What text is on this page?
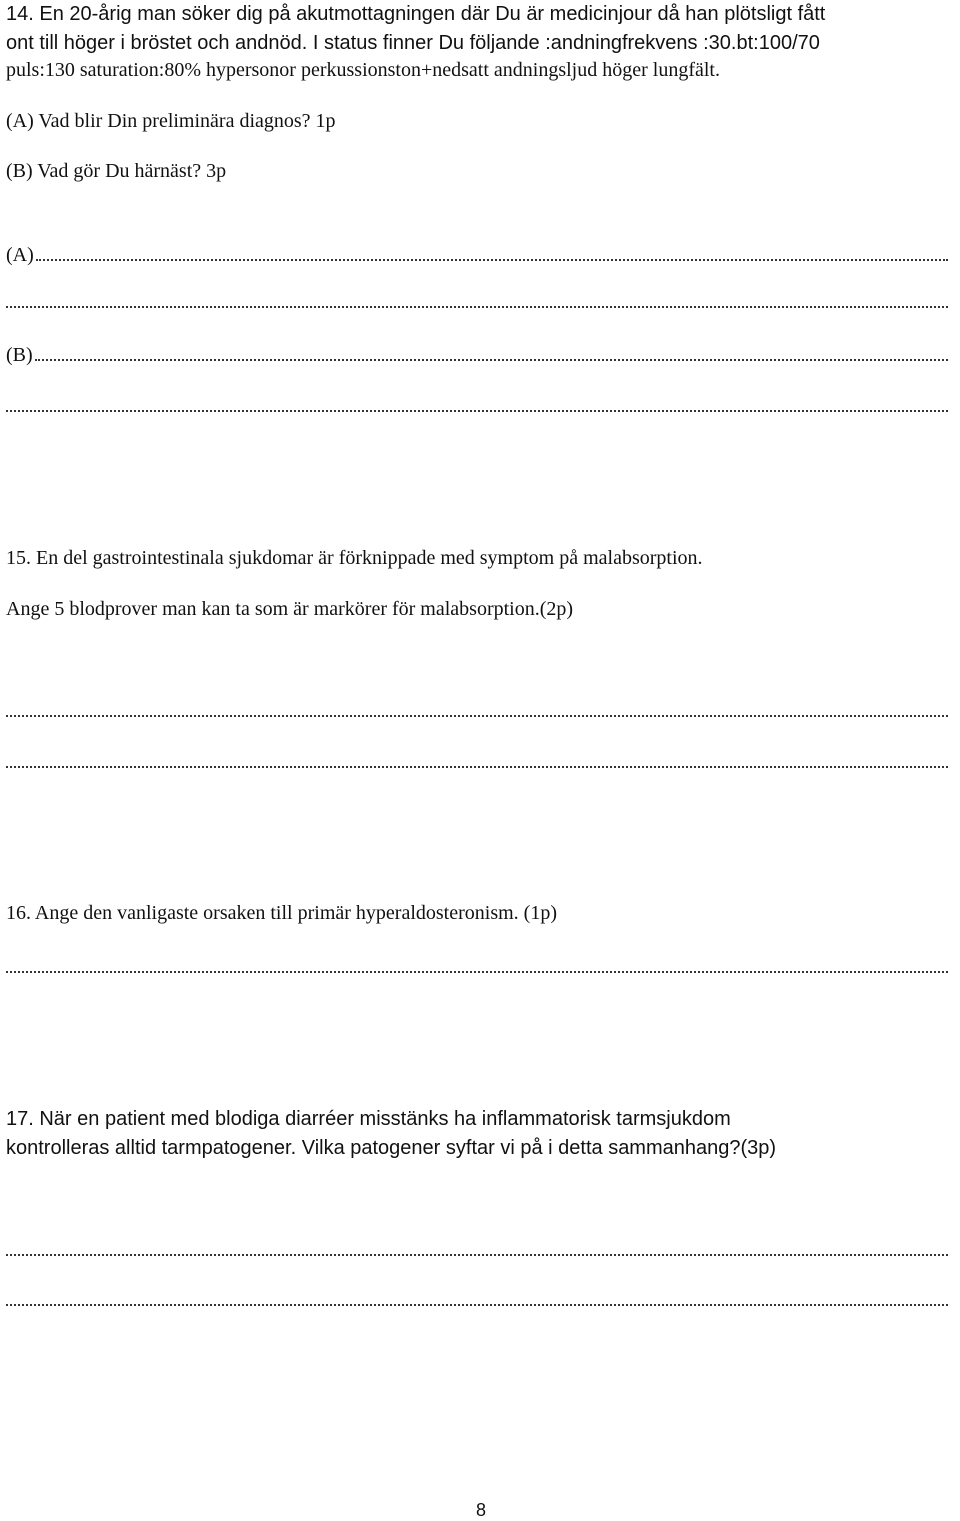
14. En 20-årig man söker dig på akutmottagningen där Du är medicinjour då han plötsligt fått
ont till höger i bröstet och andnöd. I status finner Du följande :andningfrekvens :30.bt:100/70
puls:130 saturation:80% hypersonor perkussionston+nedsatt andningsljud höger lungfält.
(A) Vad blir Din preliminära diagnos? 1p
(B) Vad gör Du härnäst? 3p
(A)
(B)
15. En del gastrointestinala sjukdomar är förknippade med symptom på malabsorption.
Ange 5 blodprover man kan ta som är markörer för malabsorption.(2p)
16. Ange den vanligaste orsaken till primär hyperaldosteronism. (1p)
17. När en patient med blodiga diarréer misstänks ha inflammatorisk tarmsjukdom
kontrolleras alltid tarmpatogener. Vilka patogener syftar vi på i detta sammanhang?(3p)
8
